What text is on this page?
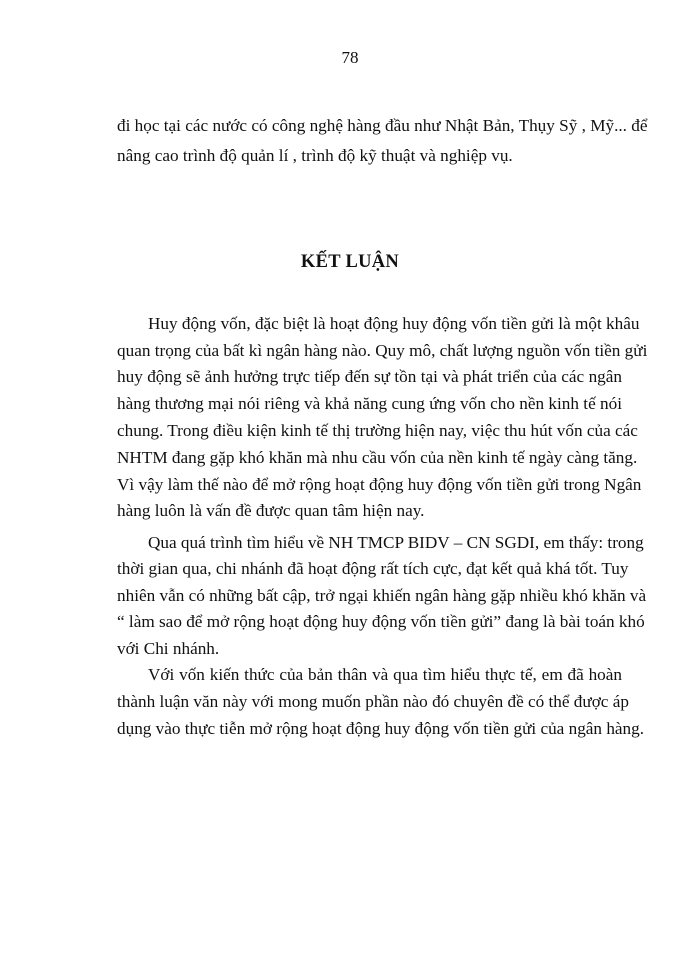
78
đi học tại các nước có công nghệ hàng đầu như Nhật Bản, Thụy Sỹ , Mỹ... để
nâng cao trình độ quản lí , trình độ kỹ thuật và nghiệp vụ.
KẾT LUẬN
Huy động vốn, đặc biệt là hoạt động huy động vốn tiền gửi là một khâu
quan trọng của bất kì ngân hàng nào. Quy mô, chất lượng nguồn vốn tiền gửi
huy động sẽ ảnh hưởng trực tiếp đến sự tồn tại và phát triển của các ngân
hàng thương mại nói riêng và khả năng cung ứng vốn cho nền kinh tế nói
chung. Trong điều kiện kinh tế thị trường hiện nay, việc thu hút vốn của các
NHTM đang gặp khó khăn mà nhu cầu vốn của nền kinh tế ngày càng tăng.
Vì vậy làm thế nào để mở rộng hoạt động huy động vốn tiền gửi trong Ngân
hàng luôn là vấn đề được quan tâm hiện nay.
Qua quá trình tìm hiểu về NH TMCP BIDV – CN SGDI, em thấy: trong
thời gian qua, chi nhánh đã hoạt động rất tích cực, đạt kết quả khá tốt. Tuy
nhiên vẫn có những bất cập, trở ngại khiến ngân hàng gặp nhiều khó khăn và
“ làm sao để mở rộng hoạt động huy động vốn tiền gửi” đang là bài toán khó
với Chi nhánh.
Với vốn kiến thức của bản thân và qua tìm hiểu thực tế, em đã hoàn
thành luận văn này với mong muốn phần nào đó chuyên đề có thể được áp
dụng vào thực tiễn mở rộng hoạt động huy động vốn tiền gửi của ngân hàng.
